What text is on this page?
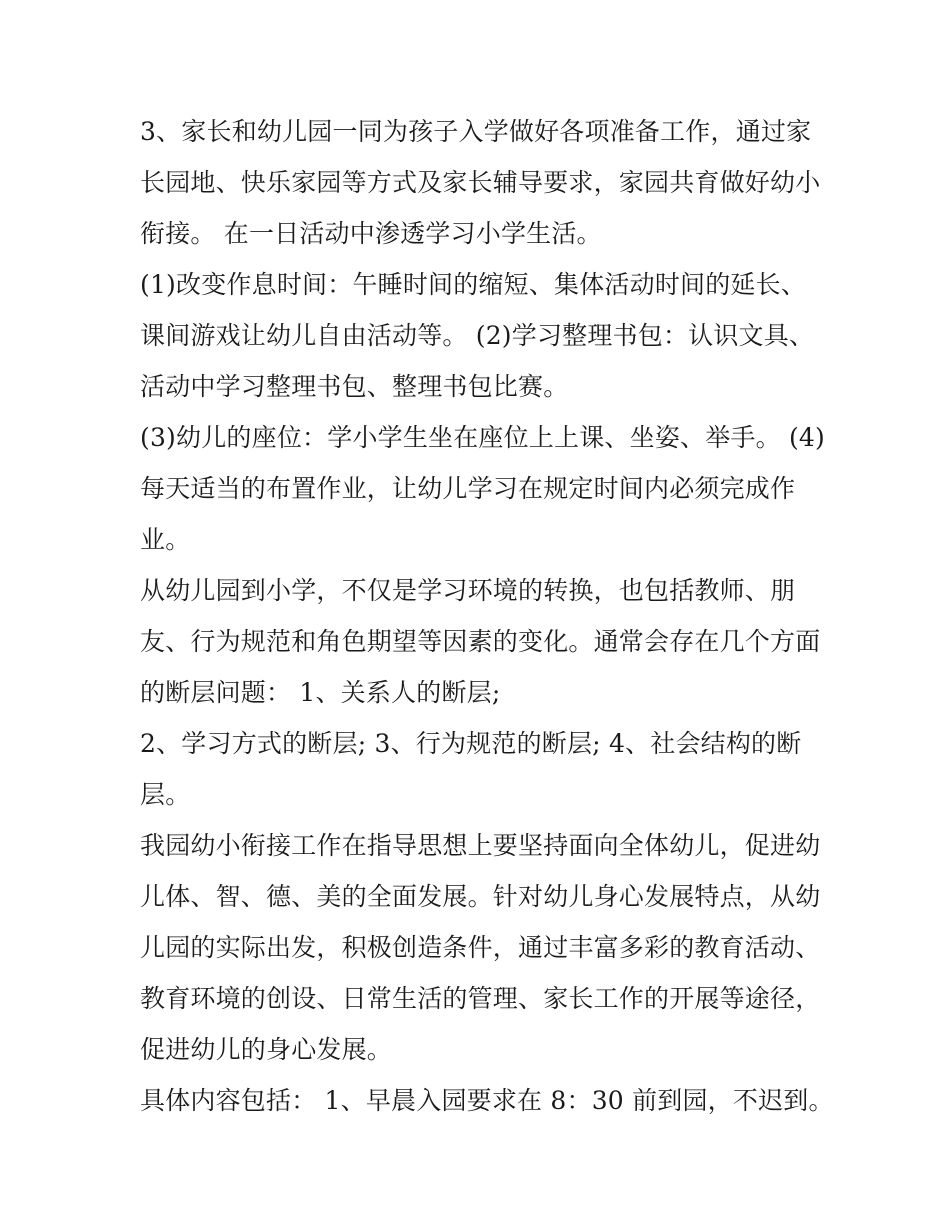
3、家长和幼儿园一同为孩子入学做好各项准备工作，通过家
长园地、快乐家园等方式及家长辅导要求，家园共育做好幼小
衔接。 在一日活动中渗透学习小学生活。
(1)改变作息时间：午睡时间的缩短、集体活动时间的延长、
课间游戏让幼儿自由活动等。 (2)学习整理书包：认识文具、
活动中学习整理书包、整理书包比赛。
(3)幼儿的座位：学小学生坐在座位上上课、坐姿、举手。 (4)
每天适当的布置作业，让幼儿学习在规定时间内必须完成作
业。
从幼儿园到小学，不仅是学习环境的转换，也包括教师、朋
友、行为规范和角色期望等因素的变化。通常会存在几个方面
的断层问题： 1、关系人的断层;
2、学习方式的断层; 3、行为规范的断层; 4、社会结构的断
层。
我园幼小衔接工作在指导思想上要坚持面向全体幼儿，促进幼
儿体、智、德、美的全面发展。针对幼儿身心发展特点，从幼
儿园的实际出发，积极创造条件，通过丰富多彩的教育活动、
教育环境的创设、日常生活的管理、家长工作的开展等途径，
促进幼儿的身心发展。
具体内容包括： 1、早晨入园要求在 8：30 前到园，不迟到。
